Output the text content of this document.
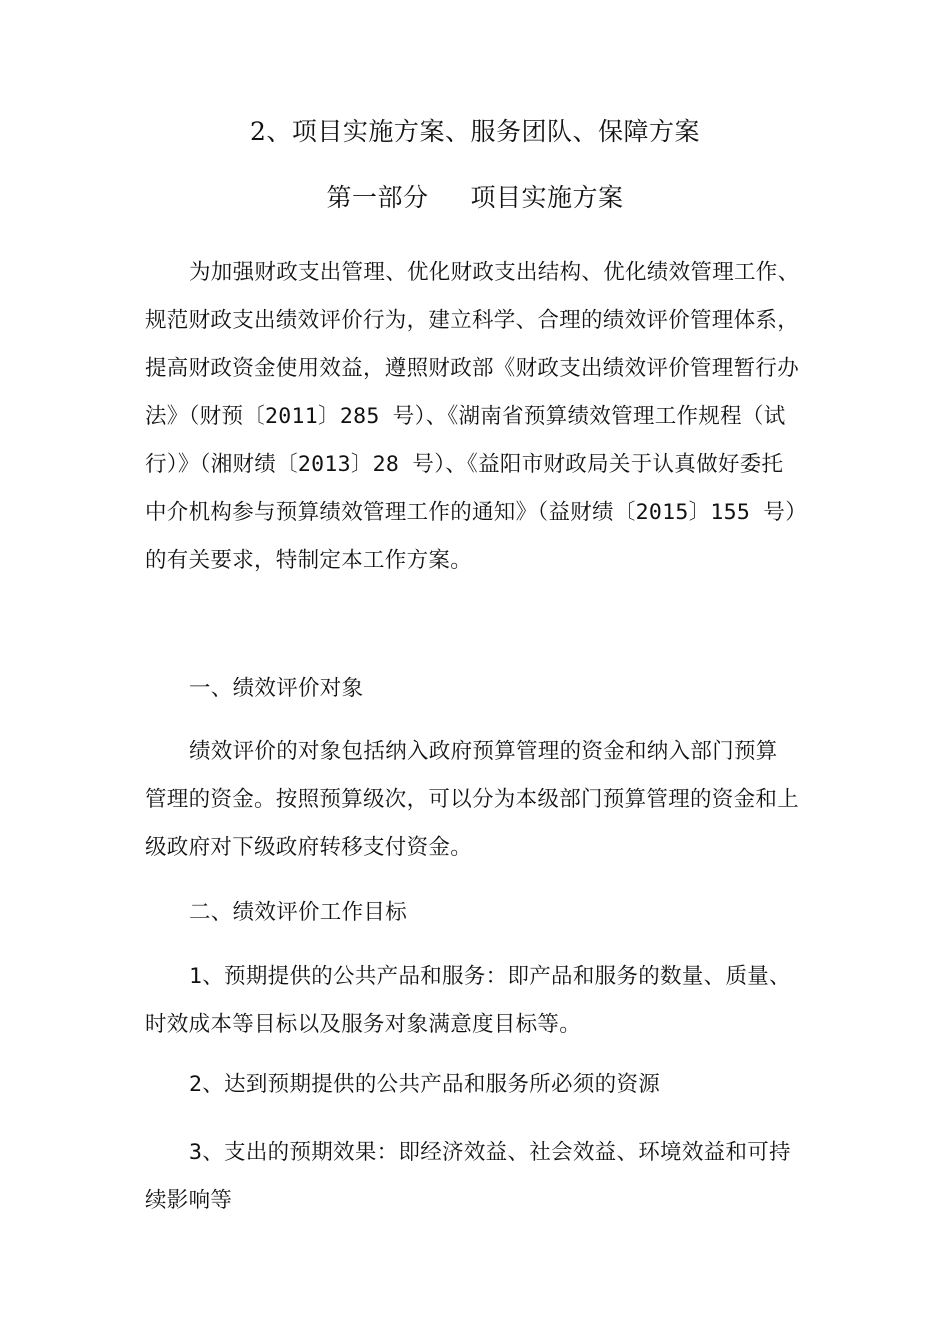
2、项目实施方案、服务团队、保障方案
第一部分 项目实施方案
为加强财政支出管理、优化财政支出结构、优化绩效管理工作、
规范财政支出绩效评价行为，建立科学、合理的绩效评价管理体系，
提高财政资金使用效益，遵照财政部《财政支出绩效评价管理暂行办
法》（财预〔2011〕285 号）、《湖南省预算绩效管理工作规程（试
行）》（湘财绩〔2013〕28 号）、《益阳市财政局关于认真做好委托
中介机构参与预算绩效管理工作的通知》（益财绩〔2015〕155 号）
的有关要求，特制定本工作方案。
一、绩效评价对象
绩效评价的对象包括纳入政府预算管理的资金和纳入部门预算
管理的资金。按照预算级次，可以分为本级部门预算管理的资金和上
级政府对下级政府转移支付资金。
二、绩效评价工作目标
1、预期提供的公共产品和服务：即产品和服务的数量、质量、
时效成本等目标以及服务对象满意度目标等。
2、达到预期提供的公共产品和服务所必须的资源
3、支出的预期效果：即经济效益、社会效益、环境效益和可持
续影响等
